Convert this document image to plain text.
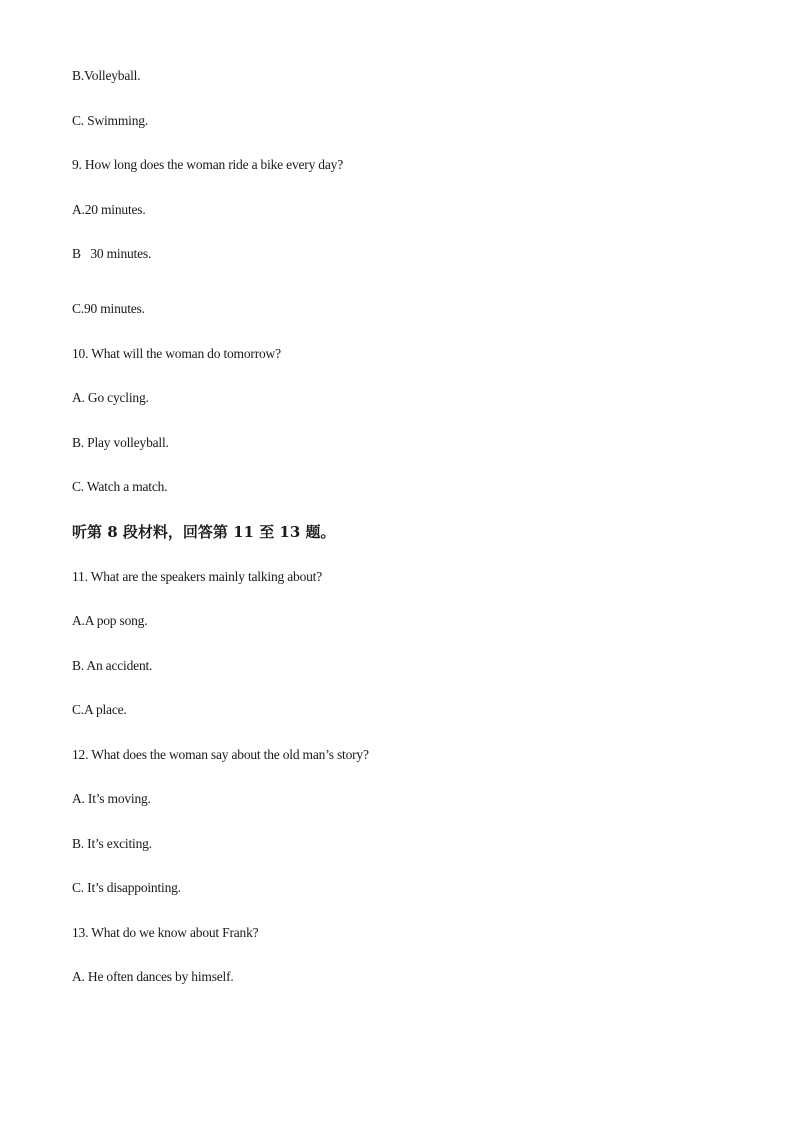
B.Volleyball.
C. Swimming.
9. How long does the woman ride a bike every day?
A.20 minutes.
B   30 minutes.
C.90 minutes.
10. What will the woman do tomorrow?
A. Go cycling.
B. Play volleyball.
C. Watch a match.
听第 8 段材料，回答第 11 至 13 题。
11. What are the speakers mainly talking about?
A.A pop song.
B. An accident.
C.A place.
12. What does the woman say about the old man’s story?
A. It’s moving.
B. It’s exciting.
C. It’s disappointing.
13. What do we know about Frank?
A. He often dances by himself.
